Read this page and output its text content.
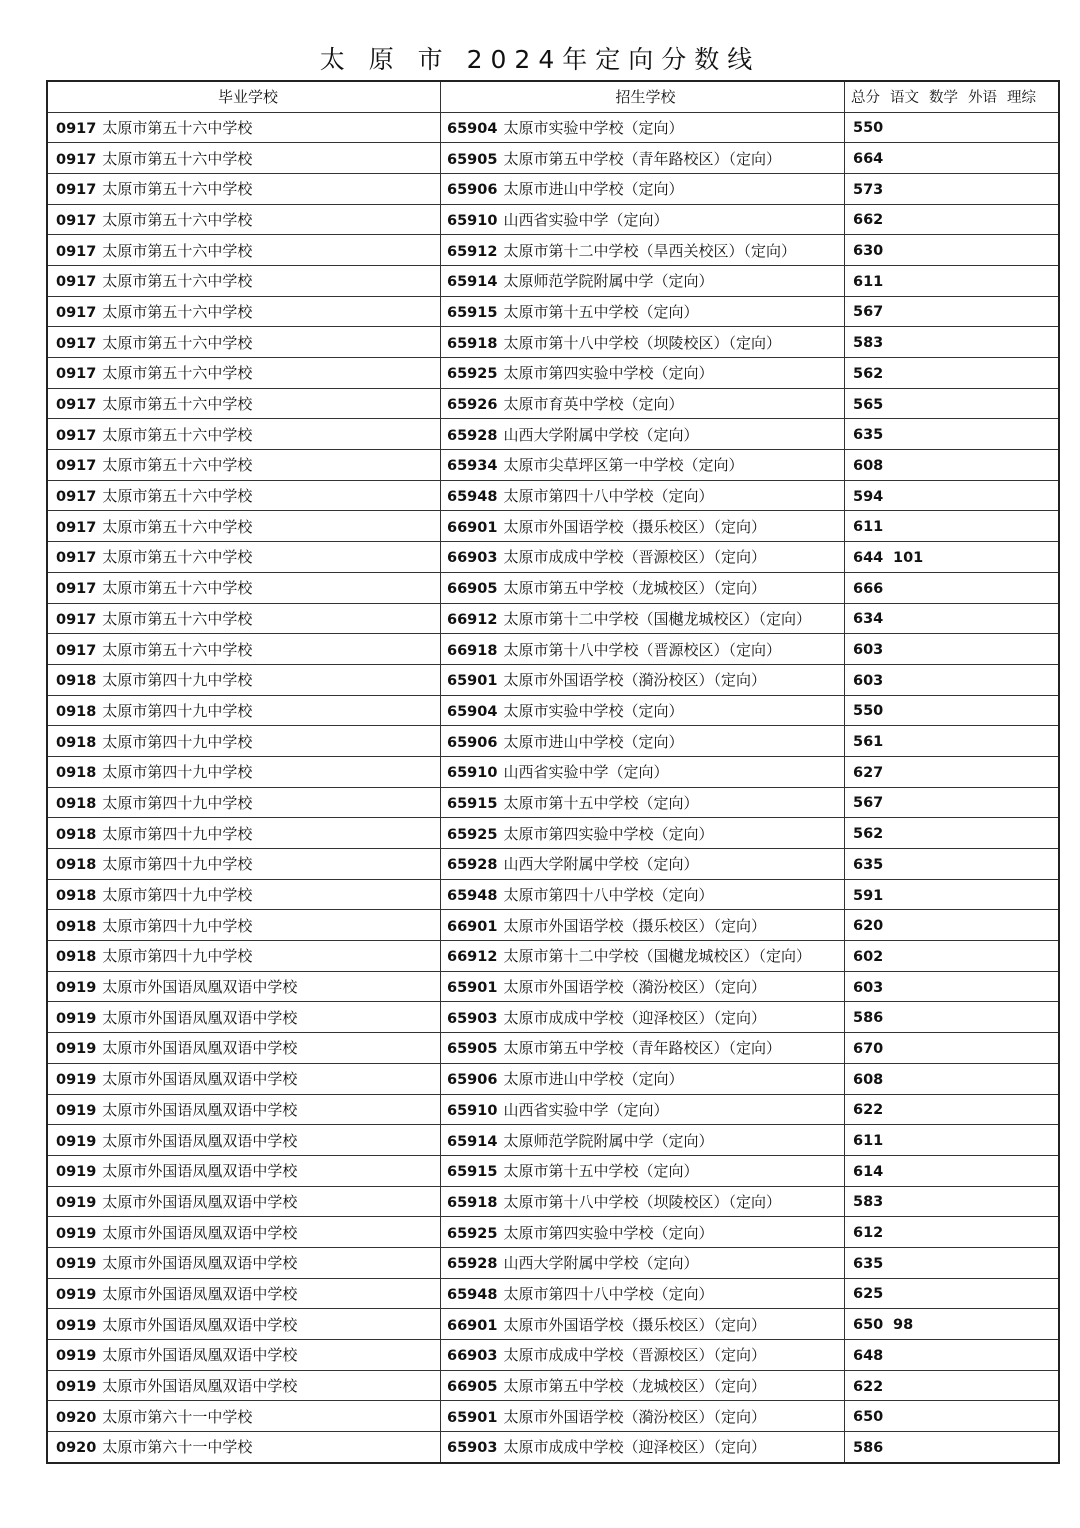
太 原 市 2024年定向分数线
毕业学校	招生学校	总分 语文 数学 外语 理综
0917 太原市第五十六中学校	65904 太原市实验中学校（定向）	550
0917 太原市第五十六中学校	65905 太原市第五中学校（青年路校区）（定向）	664
0917 太原市第五十六中学校	65906 太原市进山中学校（定向）	573
0917 太原市第五十六中学校	65910 山西省实验中学（定向）	662
0917 太原市第五十六中学校	65912 太原市第十二中学校（旱西关校区）（定向）	630
0917 太原市第五十六中学校	65914 太原师范学院附属中学（定向）	611
0917 太原市第五十六中学校	65915 太原市第十五中学校（定向）	567
0917 太原市第五十六中学校	65918 太原市第十八中学校（坝陵校区）（定向）	583
0917 太原市第五十六中学校	65925 太原市第四实验中学校（定向）	562
0917 太原市第五十六中学校	65926 太原市育英中学校（定向）	565
0917 太原市第五十六中学校	65928 山西大学附属中学校（定向）	635
0917 太原市第五十六中学校	65934 太原市尖草坪区第一中学校（定向）	608
0917 太原市第五十六中学校	65948 太原市第四十八中学校（定向）	594
0917 太原市第五十六中学校	66901 太原市外国语学校（摄乐校区）（定向）	611
0917 太原市第五十六中学校	66903 太原市成成中学校（晋源校区）（定向）	644 101
0917 太原市第五十六中学校	66905 太原市第五中学校（龙城校区）（定向）	666
0917 太原市第五十六中学校	66912 太原市第十二中学校（国樾龙城校区）（定向）	634
0917 太原市第五十六中学校	66918 太原市第十八中学校（晋源校区）（定向）	603
0918 太原市第四十九中学校	65901 太原市外国语学校（漪汾校区）（定向）	603
0918 太原市第四十九中学校	65904 太原市实验中学校（定向）	550
0918 太原市第四十九中学校	65906 太原市进山中学校（定向）	561
0918 太原市第四十九中学校	65910 山西省实验中学（定向）	627
0918 太原市第四十九中学校	65915 太原市第十五中学校（定向）	567
0918 太原市第四十九中学校	65925 太原市第四实验中学校（定向）	562
0918 太原市第四十九中学校	65928 山西大学附属中学校（定向）	635
0918 太原市第四十九中学校	65948 太原市第四十八中学校（定向）	591
0918 太原市第四十九中学校	66901 太原市外国语学校（摄乐校区）（定向）	620
0918 太原市第四十九中学校	66912 太原市第十二中学校（国樾龙城校区）（定向）	602
0919 太原市外国语凤凰双语中学校	65901 太原市外国语学校（漪汾校区）（定向）	603
0919 太原市外国语凤凰双语中学校	65903 太原市成成中学校（迎泽校区）（定向）	586
0919 太原市外国语凤凰双语中学校	65905 太原市第五中学校（青年路校区）（定向）	670
0919 太原市外国语凤凰双语中学校	65906 太原市进山中学校（定向）	608
0919 太原市外国语凤凰双语中学校	65910 山西省实验中学（定向）	622
0919 太原市外国语凤凰双语中学校	65914 太原师范学院附属中学（定向）	611
0919 太原市外国语凤凰双语中学校	65915 太原市第十五中学校（定向）	614
0919 太原市外国语凤凰双语中学校	65918 太原市第十八中学校（坝陵校区）（定向）	583
0919 太原市外国语凤凰双语中学校	65925 太原市第四实验中学校（定向）	612
0919 太原市外国语凤凰双语中学校	65928 山西大学附属中学校（定向）	635
0919 太原市外国语凤凰双语中学校	65948 太原市第四十八中学校（定向）	625
0919 太原市外国语凤凰双语中学校	66901 太原市外国语学校（摄乐校区）（定向）	650 98
0919 太原市外国语凤凰双语中学校	66903 太原市成成中学校（晋源校区）（定向）	648
0919 太原市外国语凤凰双语中学校	66905 太原市第五中学校（龙城校区）（定向）	622
0920 太原市第六十一中学校	65901 太原市外国语学校（漪汾校区）（定向）	650
0920 太原市第六十一中学校	65903 太原市成成中学校（迎泽校区）（定向）	586
